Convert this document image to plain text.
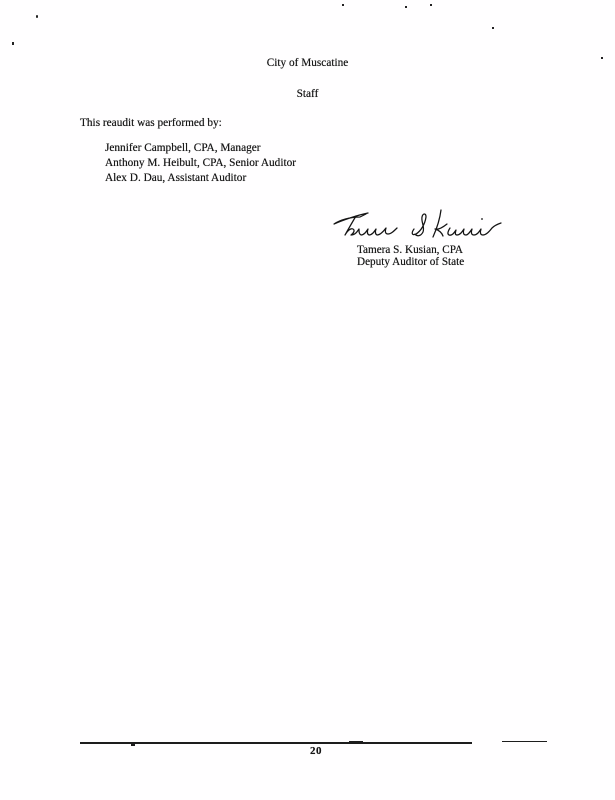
City of Muscatine
Staff
This reaudit was performed by:
Jennifer Campbell, CPA, Manager
Anthony M. Heibult, CPA, Senior Auditor
Alex D. Dau, Assistant Auditor
Tamera S. Kusian, CPA
Deputy Auditor of State
20
